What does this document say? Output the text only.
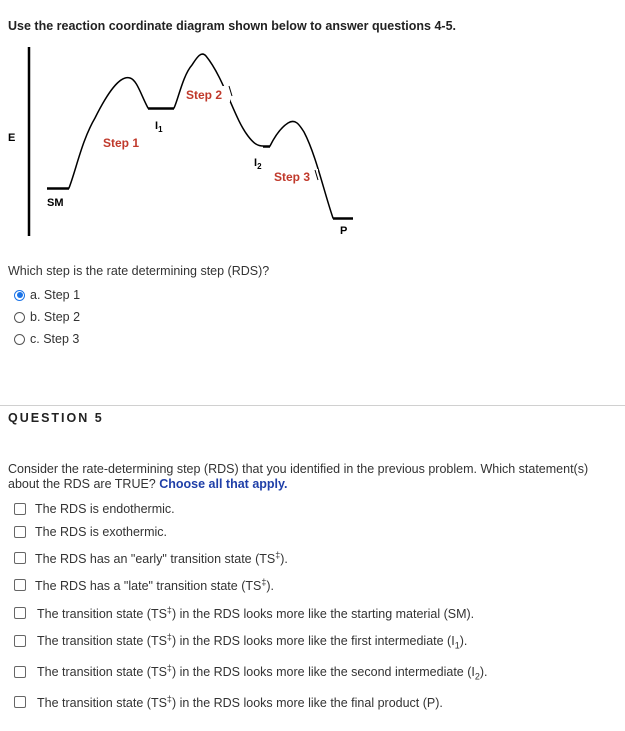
Use the reaction coordinate diagram shown below to answer questions 4-5.
E
SM
P
Step 1
Step 2
Step 3
$I_1$
$I_2$
Which step is the rate determining step (RDS)?
a. Step 1
b. Step 2
c. Step 3
QUESTION 5
Consider the rate-determining step (RDS) that you identified in the previous problem. Which statement(s) about the RDS are TRUE? Choose all that apply.
The RDS is endothermic.
The RDS is exothermic.
The RDS has an "early" transition state (TS‡).
The RDS has a "late" transition state (TS‡).
The transition state (TS‡) in the RDS looks more like the starting material (SM).
The transition state (TS‡) in the RDS looks more like the first intermediate $(I_1)$.
The transition state (TS‡) in the RDS looks more like the second intermediate $(I_2)$.
The transition state (TS‡) in the RDS looks more like the final product (P).
